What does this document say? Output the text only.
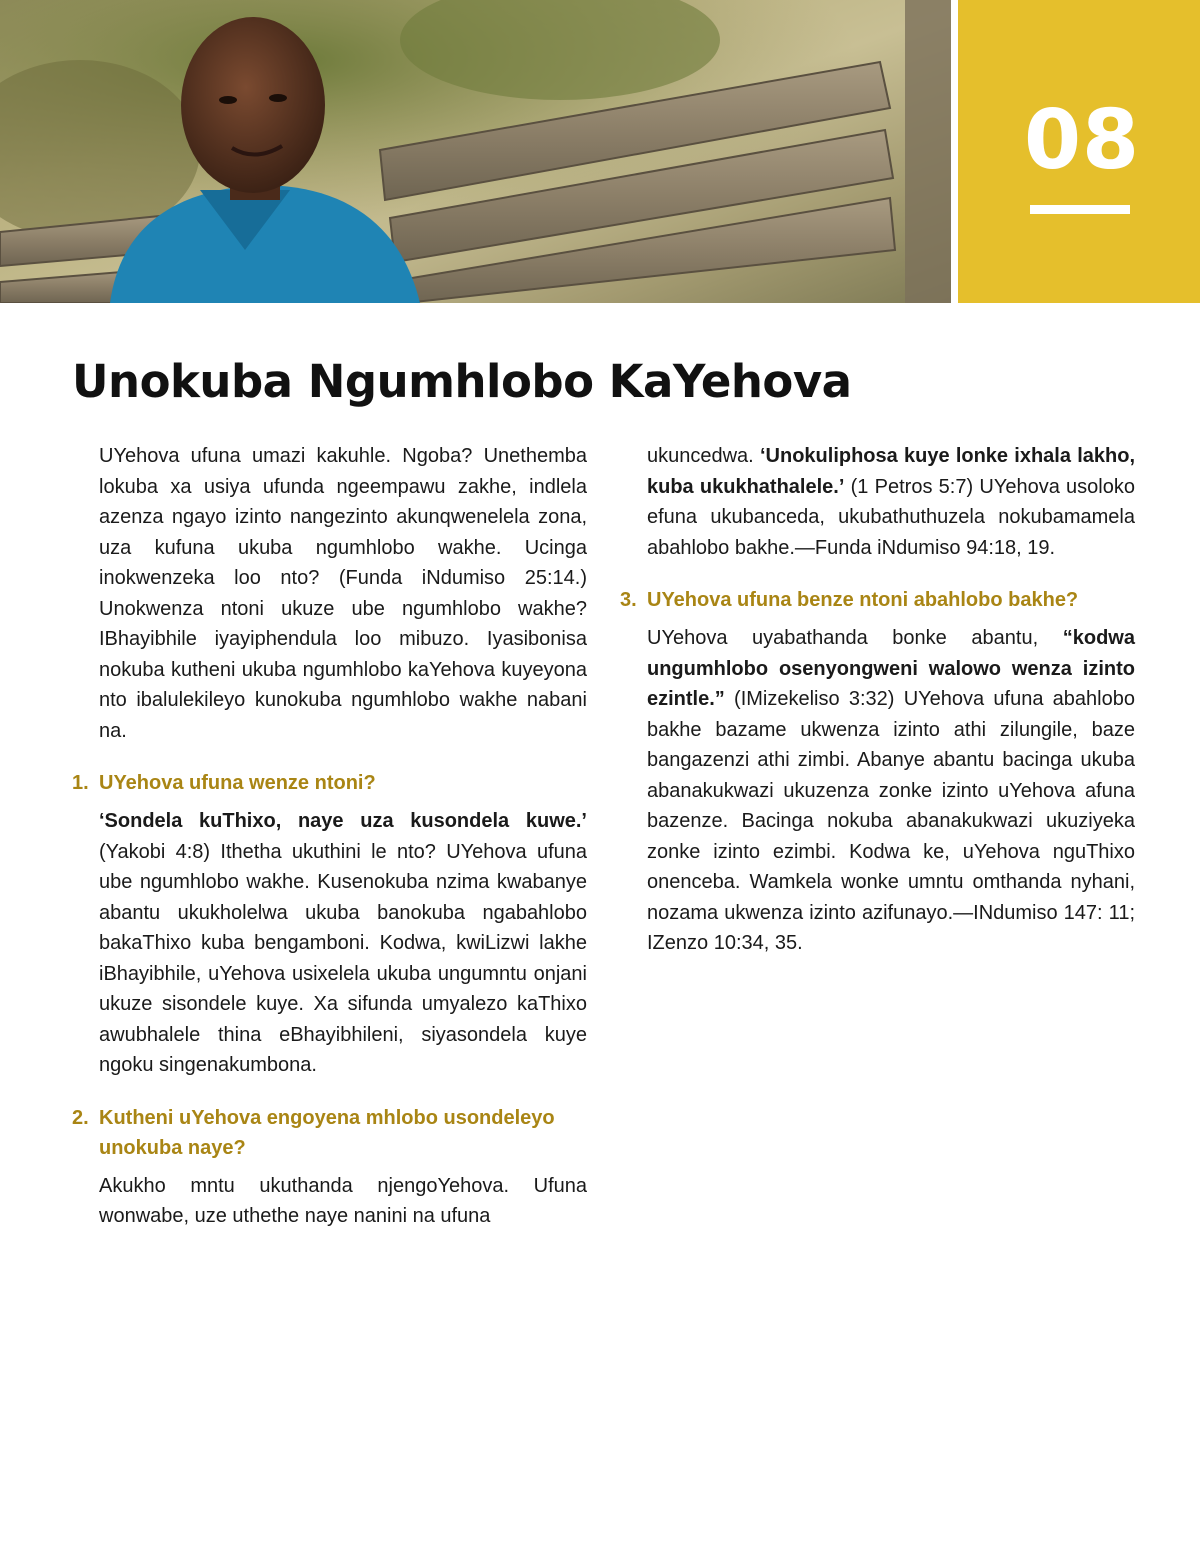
08
Unokuba Ngumhlobo KaYehova

UYehova ufuna umazi kakuhle. Ngoba? Unethemba lokuba xa usiya ufunda ngeempawu zakhe, indlela azenza ngayo izinto nangezinto akunqwenelela zona, uza kufuna ukuba ngumhlobo wakhe. Ucinga inokwenzeka loo nto? (Funda iNdumiso 25:14.) Unokwenza ntoni ukuze ube ngumhlobo wakhe? IBhayibhile iyayiphendula loo mibuzo. Iyasibonisa nokuba kutheni ukuba ngumhlobo kaYehova kuyeyona nto ibalulekileyo kunokuba ngumhlobo wakhe nabani na.

1. UYehova ufuna wenze ntoni?

‘Sondela kuThixo, naye uza kusondela kuwe.’ (Yakobi 4:8) Ithetha ukuthini le nto? UYehova ufuna ube ngumhlobo wakhe. Kusenokuba nzima kwabanye abantu ukukholelwa ukuba banokuba ngabahlobo bakaThixo kuba bengamboni. Kodwa, kwiLizwi lakhe iBhayibhile, uYehova usixelela ukuba ungumntu onjani ukuze sisondele kuye. Xa sifunda umyalezo kaThixo awubhalele thina eBhayibhileni, siyasondela kuye ngoku singenakumbona.

2. Kutheni uYehova engoyena mhlobo usondeleyo unokuba naye?

Akukho mntu ukuthanda njengoYehova. Ufuna wonwabe, uze uthethe naye nanini na ufuna

ukuncedwa. ‘Unokuliphosa kuye lonke ixhala lakho, kuba ukukhathalele.’ (1 Petros 5:7) UYehova usoloko efuna ukubanceda, ukubathuthuzela nokubamamela abahlobo bakhe.—Funda iNdumiso 94:18, 19.

3. UYehova ufuna benze ntoni abahlobo bakhe?

UYehova uyabathanda bonke abantu, “kodwa ungumhlobo osenyongweni walowo wenza izinto ezintle.” (IMizekeliso 3:32) UYehova ufuna abahlobo bakhe bazame ukwenza izinto athi zilungile, baze bangazenzi athi zimbi. Abanye abantu bacinga ukuba abanakukwazi ukuzenza zonke izinto uYehova afuna bazenze. Bacinga nokuba abanakukwazi ukuziyeka zonke izinto ezimbi. Kodwa ke, uYehova nguThixo onenceba. Wamkela wonke umntu omthanda nyhani, nozama ukwenza izinto azifunayo.—INdumiso 147: 11; IZenzo 10:34, 35.
